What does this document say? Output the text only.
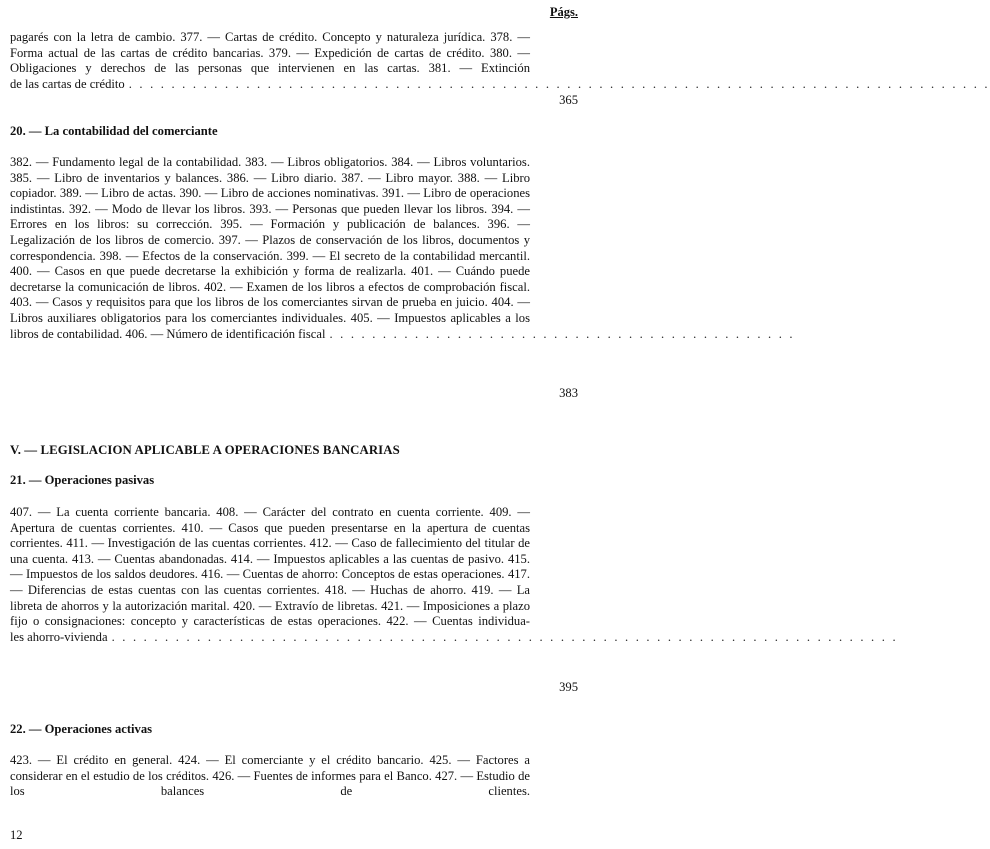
Págs.
pagarés con la letra de cambio. 377. — Cartas de crédito. Concepto y naturaleza jurídica. 378. — Forma actual de las cartas de crédito bancarias. 379. — Expedición de cartas de crédito. 380. — Obligaciones y derechos de las personas que intervienen en las cartas. 381. — Extinción
de las cartas de crédito . . . . . . . . . . . . . . . . . . . . . . . . . . . . . . . . . . . . . . . . . . . . . . . . . . . . . . . . . . . . . . . . . . . . . . . . . . . . . . . . .
365
20. — La contabilidad del comerciante
382. — Fundamento legal de la contabilidad. 383. — Libros obligatorios. 384. — Libros voluntarios. 385. — Libro de inventarios y balances. 386. — Libro diario. 387. — Libro mayor. 388. — Libro copiador. 389. — Libro de actas. 390. — Libro de acciones nominativas. 391. — Libro de operaciones indistintas. 392. — Modo de llevar los libros. 393. — Personas que pueden llevar los libros. 394. — Errores en los libros: su corrección. 395. — Formación y publicación de balances. 396. — Legalización de los libros de comercio. 397. — Plazos de conservación de los libros, documentos y correspondencia. 398. — Efectos de la conservación. 399. — El secreto de la contabilidad mercantil. 400. — Casos en que puede decretarse la exhibición y forma de realizarla. 401. — Cuándo puede decretarse la comunicación de libros. 402. — Examen de los libros a efectos de comprobación fiscal. 403. — Casos y requisitos para que los libros de los comerciantes sirvan de prueba en juicio. 404. — Libros auxiliares obligatorios para los comerciantes individuales. 405. — Impuestos aplicables a los
libros de contabilidad. 406. — Número de identificación fiscal . . . . . . . . . . . . . . . . . . . . . . . . . . . . . . . . . . . . . . . . . . . .
383
V. — LEGISLACION APLICABLE A OPERACIONES BANCARIAS
21. — Operaciones pasivas
407. — La cuenta corriente bancaria. 408. — Carácter del contrato en cuenta corriente. 409. — Apertura de cuentas corrientes. 410. — Casos que pueden presentarse en la apertura de cuentas corrientes. 411. — Investigación de las cuentas corrientes. 412. — Caso de fallecimiento del titular de una cuenta. 413. — Cuentas abandonadas. 414. — Impuestos aplicables a las cuentas de pasivo. 415. — Impuestos de los saldos deudores. 416. — Cuentas de ahorro: Conceptos de estas operaciones. 417. — Diferencias de estas cuentas con las cuentas corrientes. 418. — Huchas de ahorro. 419. — La libreta de ahorros y la autorización marital. 420. — Extravío de libretas. 421. — Imposiciones a plazo fijo o consignaciones: concepto y características de estas operaciones. 422. — Cuentas individua-
les ahorro-vivienda . . . . . . . . . . . . . . . . . . . . . . . . . . . . . . . . . . . . . . . . . . . . . . . . . . . . . . . . . . . . . . . . . . . . . . . . . .
395
22. — Operaciones activas
423. — El crédito en general. 424. — El comerciante y el crédito bancario. 425. — Factores a considerar en el estudio de los créditos. 426. — Fuentes de informes para el Banco. 427. — Estudio de los balances de clientes.
12
